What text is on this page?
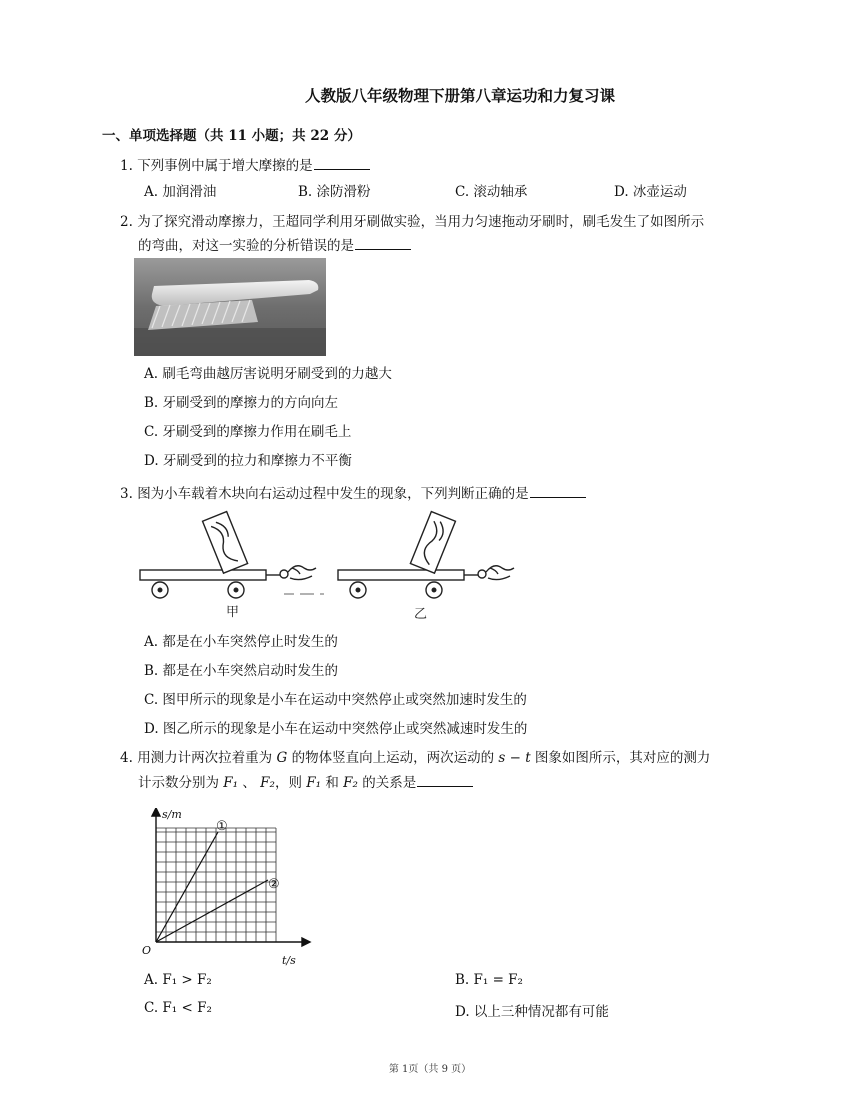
人教版八年级物理下册第八章运功和力复习课
一、单项选择题（共 11 小题；共 22 分）
1. 下列事例中属于增大摩擦的是
A. 加润滑油	B. 涂防滑粉	C. 滚动轴承	D. 冰壶运动
2. 为了探究滑动摩擦力，王超同学利用牙刷做实验，当用力匀速拖动牙刷时，刷毛发生了如图所示
的弯曲，对这一实验的分析错误的是
A. 刷毛弯曲越厉害说明牙刷受到的力越大
B. 牙刷受到的摩擦力的方向向左
C. 牙刷受到的摩擦力作用在刷毛上
D. 牙刷受到的拉力和摩擦力不平衡
3. 图为小车载着木块向右运动过程中发生的现象，下列判断正确的是
甲	乙
A. 都是在小车突然停止时发生的
B. 都是在小车突然启动时发生的
C. 图甲所示的现象是小车在运动中突然停止或突然加速时发生的
D. 图乙所示的现象是小车在运动中突然停止或突然减速时发生的
4. 用测力计两次拉着重为 G 的物体竖直向上运动，两次运动的 s − t 图象如图所示，其对应的测力
计示数分别为 F₁ 、 F₂，则 F₁ 和 F₂ 的关系是
s/m
t/s
O
①
②
A. F₁ > F₂	B. F₁ = F₂
C. F₁ < F₂	D. 以上三种情况都有可能
第 1页（共 9 页）
